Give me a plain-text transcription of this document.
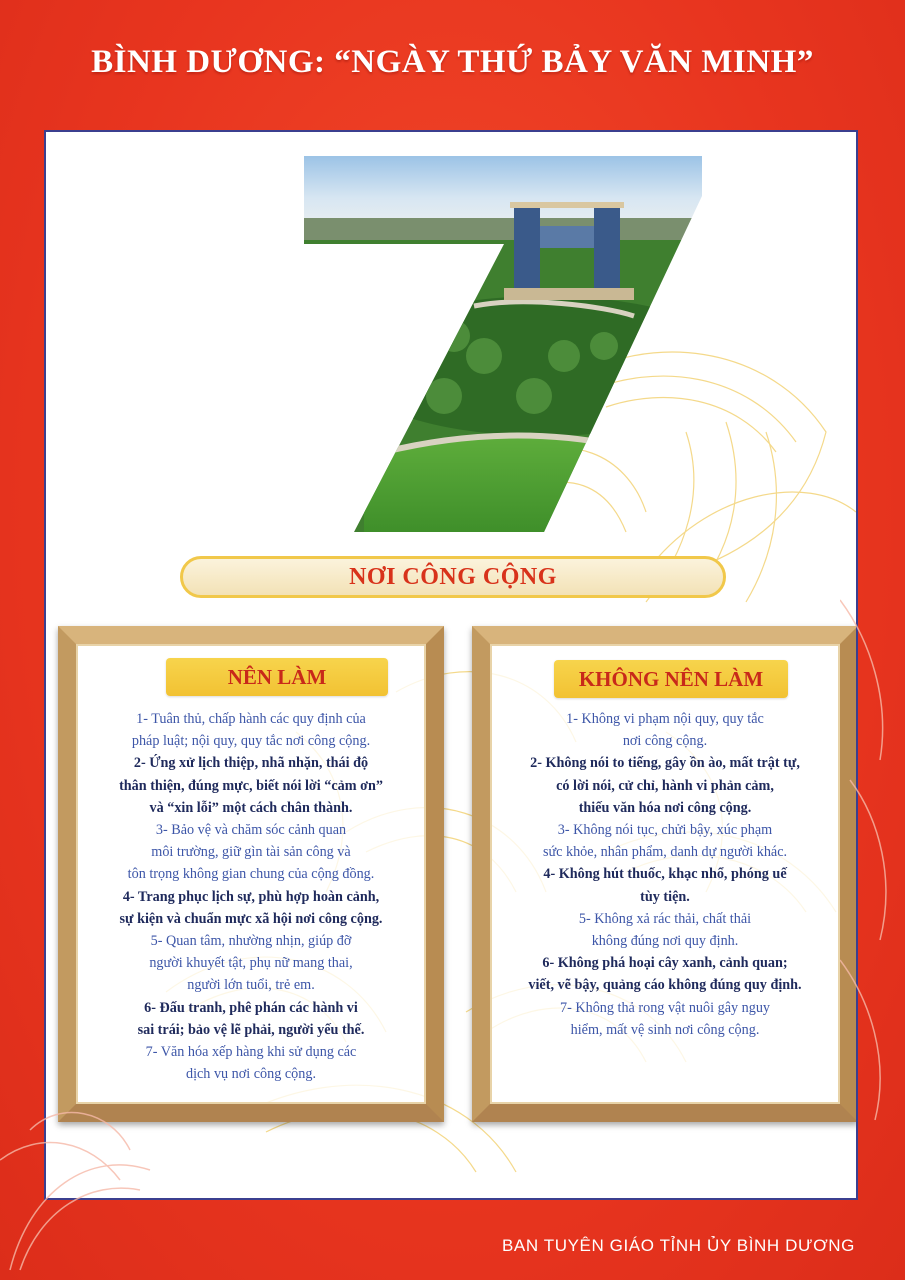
BÌNH DƯƠNG: “NGÀY THỨ BẢY VĂN MINH”
NƠI CÔNG CỘNG
NÊN LÀM

1- Tuân thủ, chấp hành các quy định của

pháp luật; nội quy, quy tắc nơi công cộng.

2- Ứng xử lịch thiệp, nhã nhặn, thái độ

thân thiện, đúng mực, biết nói lời “cảm ơn”

và “xin lỗi” một cách chân thành.

3- Bảo vệ và chăm sóc cảnh quan

môi trường, giữ gìn tài sản công và

tôn trọng không gian chung của cộng đồng.

4- Trang phục lịch sự, phù hợp hoàn cảnh,

sự kiện và chuẩn mực xã hội nơi công cộng.

5- Quan tâm, nhường nhịn, giúp đỡ

người khuyết tật, phụ nữ mang thai,

người lớn tuổi, trẻ em.

6- Đấu tranh, phê phán các hành vi

sai trái; bảo vệ lẽ phải, người yếu thế.

7- Văn hóa xếp hàng khi sử dụng các

dịch vụ nơi công cộng.

KHÔNG NÊN LÀM

1- Không vi phạm nội quy, quy tắc

nơi công cộng.

2- Không nói to tiếng, gây ồn ào, mất trật tự,

có lời nói, cử chỉ, hành vi phản cảm,

thiếu văn hóa nơi công cộng.

3- Không nói tục, chửi bậy, xúc phạm

sức khỏe, nhân phẩm, danh dự người khác.

4- Không hút thuốc, khạc nhổ, phóng uế

tùy tiện.

5- Không xả rác thải, chất thải

không đúng nơi quy định.

6- Không phá hoại cây xanh, cảnh quan;

viết, vẽ bậy, quảng cáo không đúng quy định.

7- Không thả rong vật nuôi gây nguy

hiểm, mất vệ sinh nơi công cộng.

BAN TUYÊN GIÁO TỈNH ỦY BÌNH DƯƠNG
